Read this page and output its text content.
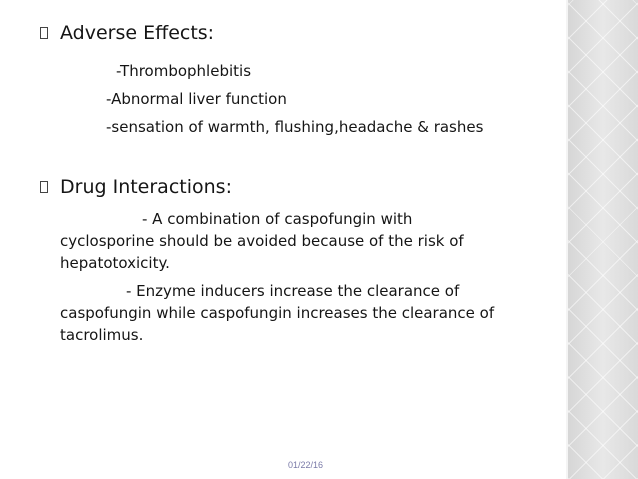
Adverse Effects:
-Thrombophlebitis
-Abnormal liver function
-sensation of warmth, flushing,headache & rashes
Drug Interactions:
- A combination of caspofungin with
cyclosporine should be avoided because of the risk of
hepatotoxicity.
- Enzyme inducers increase the clearance of
caspofungin while caspofungin increases the clearance of
tacrolimus.
01/22/16
